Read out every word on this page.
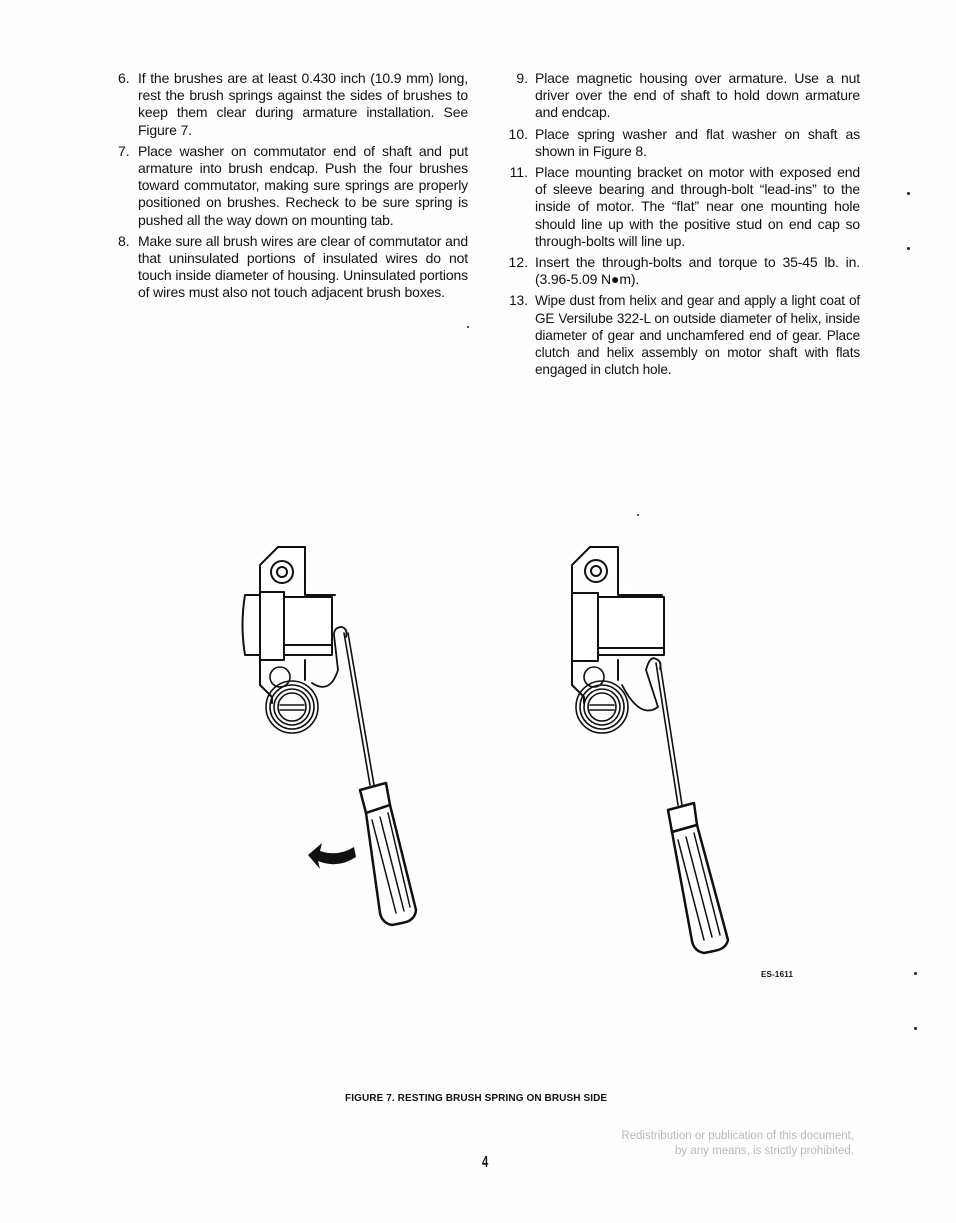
6. If the brushes are at least 0.430 inch (10.9 mm) long, rest the brush springs against the sides of brushes to keep them clear during armature installation. See Figure 7.
7. Place washer on commutator end of shaft and put armature into brush endcap. Push the four brushes toward commutator, making sure springs are properly positioned on brushes. Recheck to be sure spring is pushed all the way down on mounting tab.
8. Make sure all brush wires are clear of commutator and that uninsulated portions of insulated wires do not touch inside diameter of housing. Uninsulated portions of wires must also not touch adjacent brush boxes.
9. Place magnetic housing over armature. Use a nut driver over the end of shaft to hold down armature and endcap.
10. Place spring washer and flat washer on shaft as shown in Figure 8.
11. Place mounting bracket on motor with exposed end of sleeve bearing and through-bolt “lead-ins” to the inside of motor. The “flat” near one mounting hole should line up with the positive stud on end cap so through-bolts will line up.
12. Insert the through-bolts and torque to 35-45 lb. in. (3.96-5.09 N●m).
13. Wipe dust from helix and gear and apply a light coat of GE Versilube 322-L on outside diameter of helix, inside diameter of gear and unchamfered end of gear. Place clutch and helix assembly on motor shaft with flats engaged in clutch hole.
ES-1611
FIGURE 7. RESTING BRUSH SPRING ON BRUSH SIDE
Redistribution or publication of this document,
by any means, is strictly prohibited.
4
